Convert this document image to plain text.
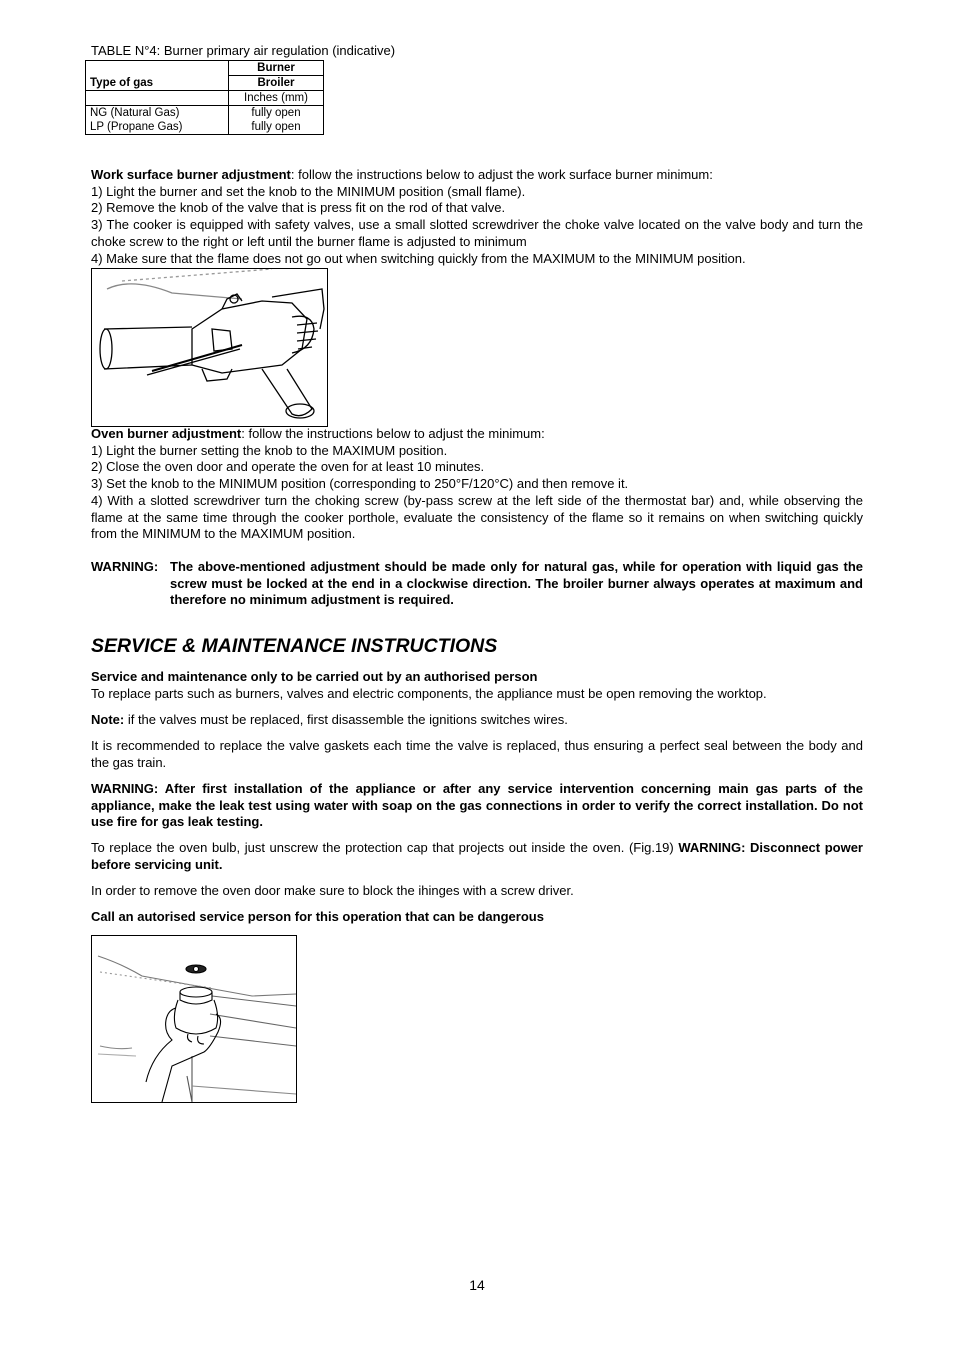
TABLE N°4: Burner primary air regulation (indicative)
	Burner
Type of gas	Broiler
	Inches (mm)
NG (Natural Gas)	fully open
LP (Propane Gas)	fully open
Work surface burner adjustment: follow the instructions below to adjust the work surface burner minimum:
1) Light the burner and set the knob to the MINIMUM position (small flame).
2) Remove the knob of the valve that is press fit on the rod of that valve.
3) The cooker is equipped with safety valves, use a small slotted screwdriver the choke valve located on the valve body and turn the choke screw to the right or left until the burner flame is adjusted to minimum
4) Make sure that the flame does not go out when switching quickly from the MAXIMUM to the MINIMUM position.
Oven burner adjustment: follow the instructions below to adjust the minimum:
1) Light the burner setting the knob to the MAXIMUM position.
2) Close the oven door and operate the oven for at least 10 minutes.
3) Set the knob to the MINIMUM position (corresponding to 250°F/120°C) and then remove it.
4) With a slotted screwdriver turn the choking screw (by-pass screw at the left side of the thermostat bar) and, while observing the flame at the same time through the cooker porthole, evaluate the consistency of the flame so it remains on when switching quickly from the MINIMUM to the MAXIMUM position.
WARNING: The above-mentioned adjustment should be made only for natural gas, while for operation with liquid gas the screw must be locked at the end in a clockwise direction. The broiler burner always operates at maximum and therefore no minimum adjustment is required.
SERVICE & MAINTENANCE INSTRUCTIONS
Service and maintenance only to be carried out by an authorised person
To replace parts such as burners, valves and electric components, the appliance must be open removing the worktop.
Note: if the valves must be replaced, first disassemble the ignitions switches wires.
It is recommended to replace the valve gaskets each time the valve is replaced, thus ensuring a perfect seal between the body and the gas train.
WARNING: After first installation of the appliance or after any service intervention concerning main gas parts of the appliance, make the leak test using water with soap on the gas connections in order to verify the correct installation. Do not use fire for gas leak testing.
To replace the oven bulb, just unscrew the protection cap that projects out inside the oven. (Fig.19) WARNING: Disconnect power before servicing unit.
In order to remove the oven door make sure to block the ihinges with a screw driver.
Call an autorised service person for this operation that can be dangerous
14
